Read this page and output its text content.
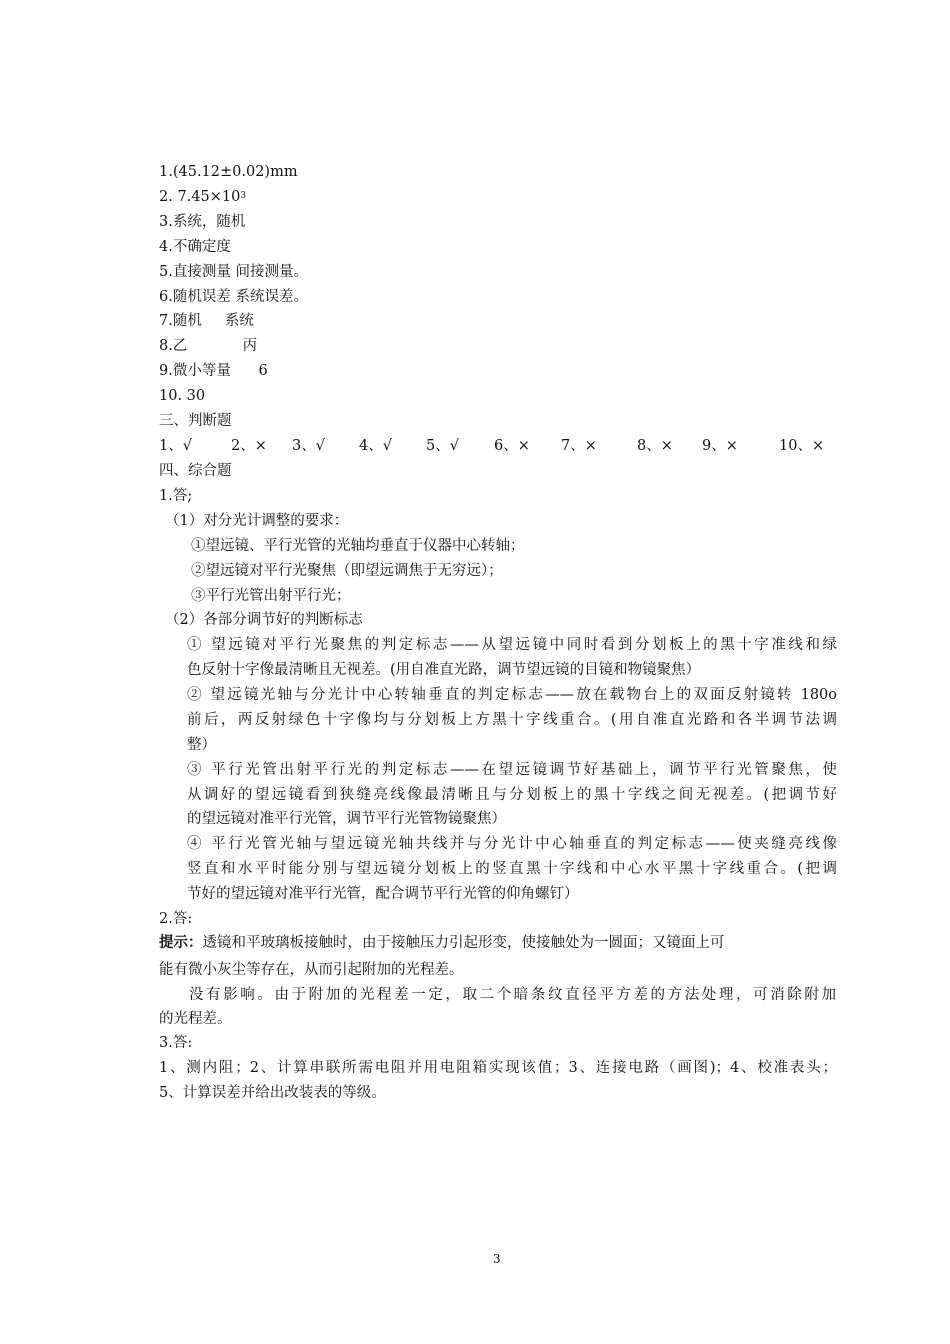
1.(45.12±0.02)mm
2. $7.45\times 10^3$
3.系统，随机
4.不确定度
5.直接测量 间接测量。
6.随机误差 系统误差。
7.随机     系统
8.乙            丙
9.微小等量      6
10. 30
三、判断题
1、√	2、× 3、√ 4、√ 5、√ 6、× 7、×	8、× 9、×	10、×
四、综合题
1.答;
（1）对分光计调整的要求：
①望远镜、平行光管的光轴均垂直于仪器中心转轴；
②望远镜对平行光聚焦（即望远调焦于无穷远）；
③平行光管出射平行光；
（2）各部分调节好的判断标志
① 望远镜对平行光聚焦的判定标志——从望远镜中同时看到分划板上的黑十字准线和绿
色反射十字像最清晰且无视差。(用自准直光路，调节望远镜的目镜和物镜聚焦）
② 望远镜光轴与分光计中心转轴垂直的判定标志——放在载物台上的双面反射镜转 180o
前后，两反射绿色十字像均与分划板上方黑十字线重合。(用自准直光路和各半调节法调
整）
③ 平行光管出射平行光的判定标志——在望远镜调节好基础上，调节平行光管聚焦，使
从调好的望远镜看到狭缝亮线像最清晰且与分划板上的黑十字线之间无视差。(把调节好
的望远镜对准平行光管，调节平行光管物镜聚焦）
④ 平行光管光轴与望远镜光轴共线并与分光计中心轴垂直的判定标志——使夹缝亮线像
竖直和水平时能分别与望远镜分划板上的竖直黑十字线和中心水平黑十字线重合。(把调
节好的望远镜对准平行光管，配合调节平行光管的仰角螺钉）
2.答:
提示：透镜和平玻璃板接触时，由于接触压力引起形变，使接触处为一圆面；又镜面上可
能有微小灰尘等存在，从而引起附加的光程差。
没有影响。由于附加的光程差一定，取二个暗条纹直径平方差的方法处理，可消除附加
的光程差。
3.答:
1、测内阻；2、计算串联所需电阻并用电阻箱实现该值；3、连接电路（画图)；4、校准表头；
5、计算误差并给出改装表的等级。
3
